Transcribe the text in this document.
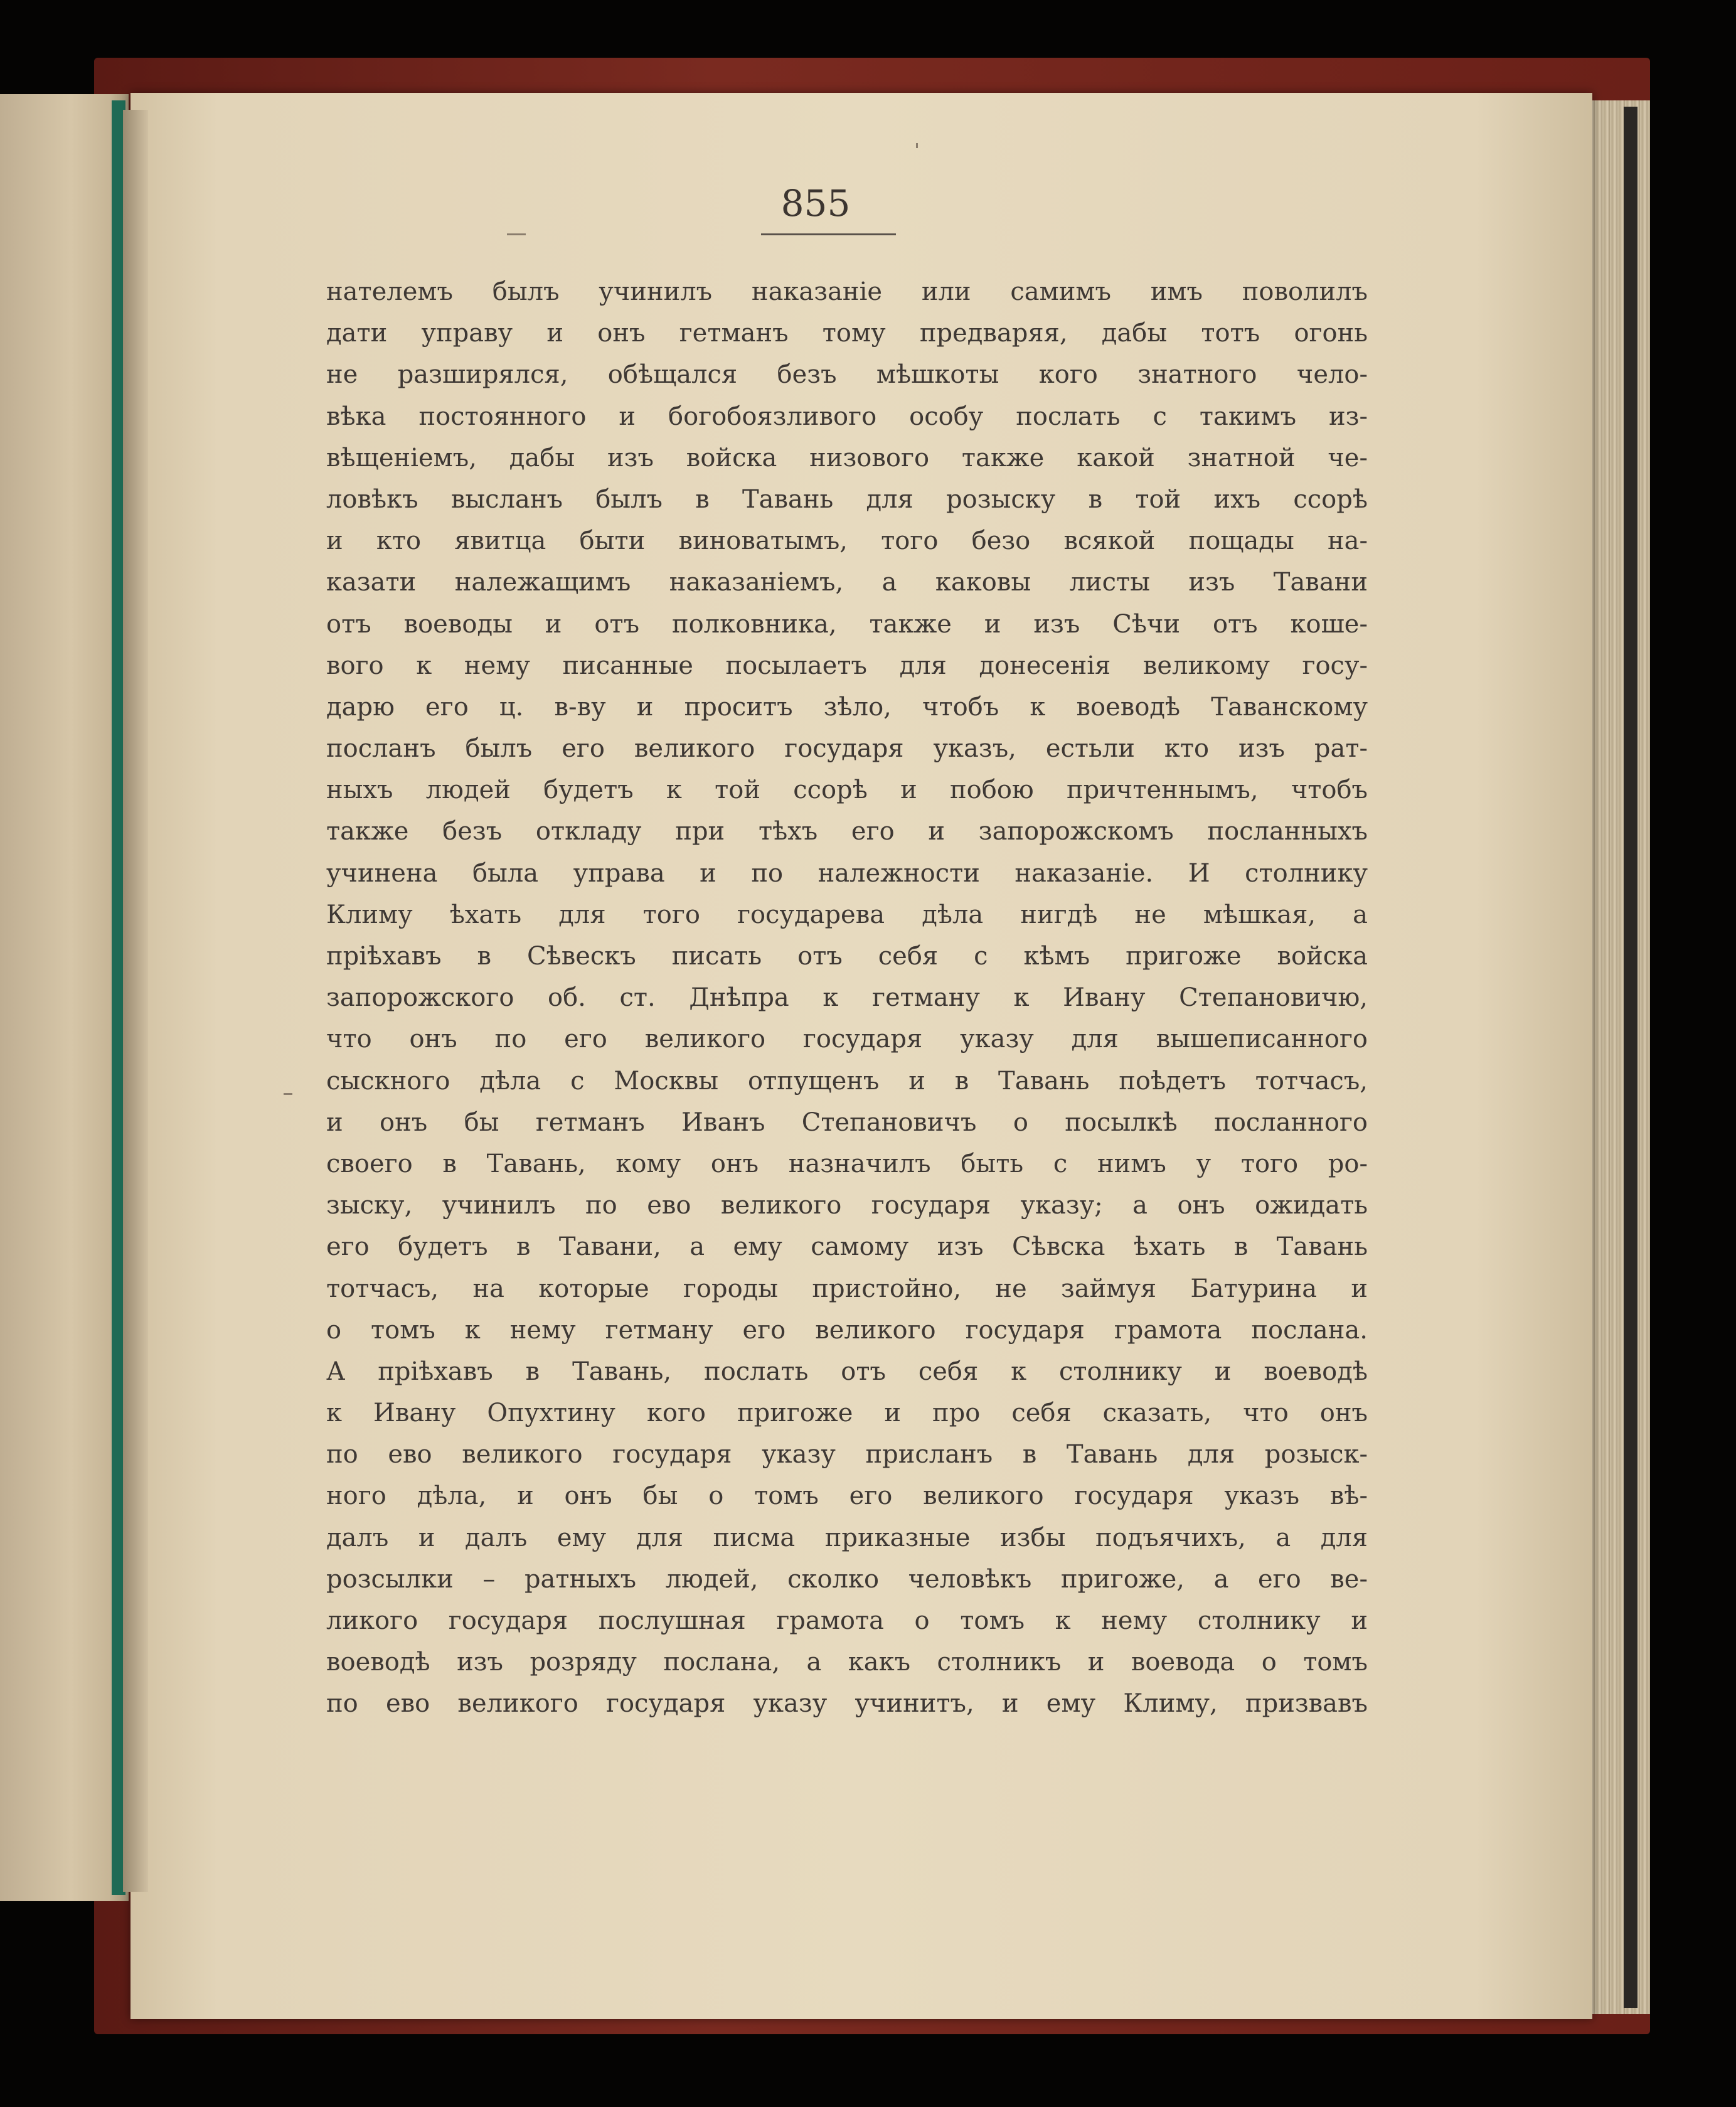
855
нателемъ былъ учинилъ наказаніе или самимъ имъ поволилъ
дати управу и онъ гетманъ тому предваряя, дабы тотъ огонь
не разширялся, обѣщался безъ мѣшкоты кого знатного чело-
вѣка постоянного и богобоязливого особу послать с такимъ из-
вѣщеніемъ, дабы изъ войска низового также какой знатной че-
ловѣкъ высланъ былъ в Тавань для розыску в той ихъ ссорѣ
и кто явитца быти виноватымъ, того безо всякой пощады на-
казати належащимъ наказаніемъ, а каковы листы изъ Тавани
отъ воеводы и отъ полковника, также и изъ Сѣчи отъ коше-
вого к нему писанные посылаетъ для донесенія великому госу-
дарю его ц. в-ву и проситъ зѣло, чтобъ к воеводѣ Таванскому
посланъ былъ его великого государя указъ, естьли кто изъ рат-
ныхъ людей будетъ к той ссорѣ и побою причтеннымъ, чтобъ
также безъ откладу при тѣхъ его и запорожскомъ посланныхъ
учинена была управа и по належности наказаніе. И столнику
Климу ѣхать для того государева дѣла нигдѣ не мѣшкая, а
пріѣхавъ в Сѣвескъ писать отъ себя с кѣмъ пригоже войска
запорожского об. ст. Днѣпра к гетману к Ивану Степановичю,
что онъ по его великого государя указу для вышеписанного
сыскного дѣла с Москвы отпущенъ и в Тавань поѣдетъ тотчасъ,
и онъ бы гетманъ Иванъ Степановичъ о посылкѣ посланного
своего в Тавань, кому онъ назначилъ быть с нимъ у того ро-
зыску, учинилъ по ево великого государя указу; а онъ ожидать
его будетъ в Тавани, а ему самому изъ Сѣвска ѣхать в Тавань
тотчасъ, на которые городы пристойно, не займуя Батурина и
о томъ к нему гетману его великого государя грамота послана.
А пріѣхавъ в Тавань, послать отъ себя к столнику и воеводѣ
к Ивану Опухтину кого пригоже и про себя сказать, что онъ
по ево великого государя указу присланъ в Тавань для розыск-
ного дѣла, и онъ бы о томъ его великого государя указъ вѣ-
далъ и далъ ему для писма приказные избы подъячихъ, а для
розсылки – ратныхъ людей, сколко человѣкъ пригоже, а его ве-
ликого государя послушная грамота о томъ к нему столнику и
воеводѣ изъ розряду послана, а какъ столникъ и воевода о томъ
по ево великого государя указу учинитъ, и ему Климу, призвавъ
